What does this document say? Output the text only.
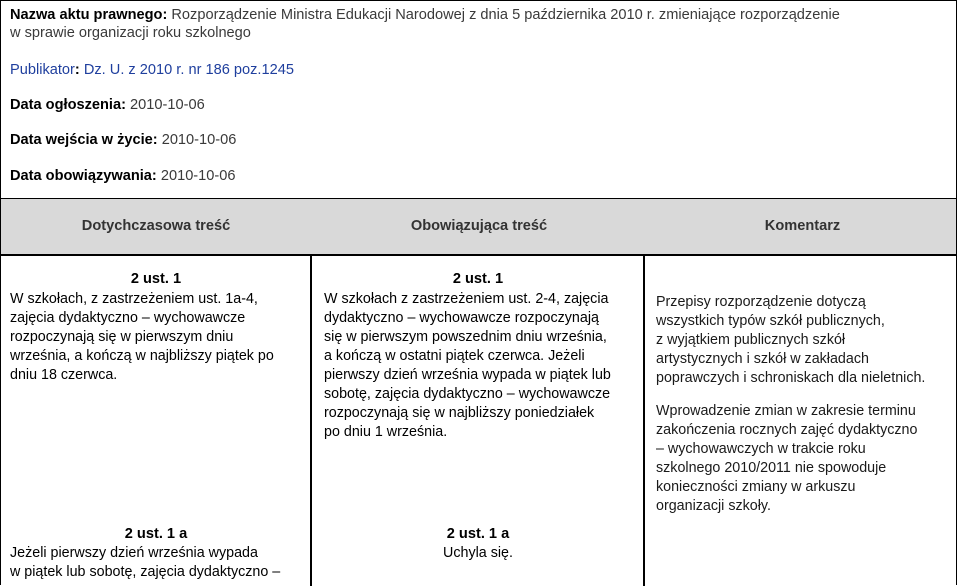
Nazwa aktu prawnego: Rozporządzenie Ministra Edukacji Narodowej z dnia 5 października 2010 r. zmieniające rozporządzenie
w sprawie organizacji roku szkolnego
Publikator: Dz. U. z 2010 r. nr 186 poz.1245
Data ogłoszenia: 2010-10-06
Data wejścia w życie: 2010-10-06
Data obowiązywania: 2010-10-06
Dotychczasowa treść	Obowiązująca treść	Komentarz
2 ust. 1

W szkołach, z zastrzeżeniem ust. 1a-4,

zajęcia dydaktyczno – wychowawcze

rozpoczynają się w pierwszym dniu

września, a kończą w najbliższy piątek po

dniu 18 czerwca.

2 ust. 1

W szkołach z zastrzeżeniem ust. 2-4, zajęcia

dydaktyczno – wychowawcze rozpoczynają

się w pierwszym powszednim dniu września,

a kończą w ostatni piątek czerwca. Jeżeli

pierwszy dzień września wypada w piątek lub

sobotę, zajęcia dydaktyczno – wychowawcze

rozpoczynają się w najbliższy poniedziałek

po dniu 1 września.

Przepisy rozporządzenie dotyczą

wszystkich typów szkół publicznych,

z wyjątkiem publicznych szkół

artystycznych i szkół w zakładach

poprawczych i schroniskach dla nieletnich.

Wprowadzenie zmian w zakresie terminu

zakończenia rocznych zajęć dydaktyczno

– wychowawczych w trakcie roku

szkolnego 2010/2011 nie spowoduje

konieczności zmiany w arkuszu

organizacji szkoły.

2 ust. 1 a

Jeżeli pierwszy dzień września wypada

w piątek lub sobotę, zajęcia dydaktyczno –

2 ust. 1 a

Uchyla się.
